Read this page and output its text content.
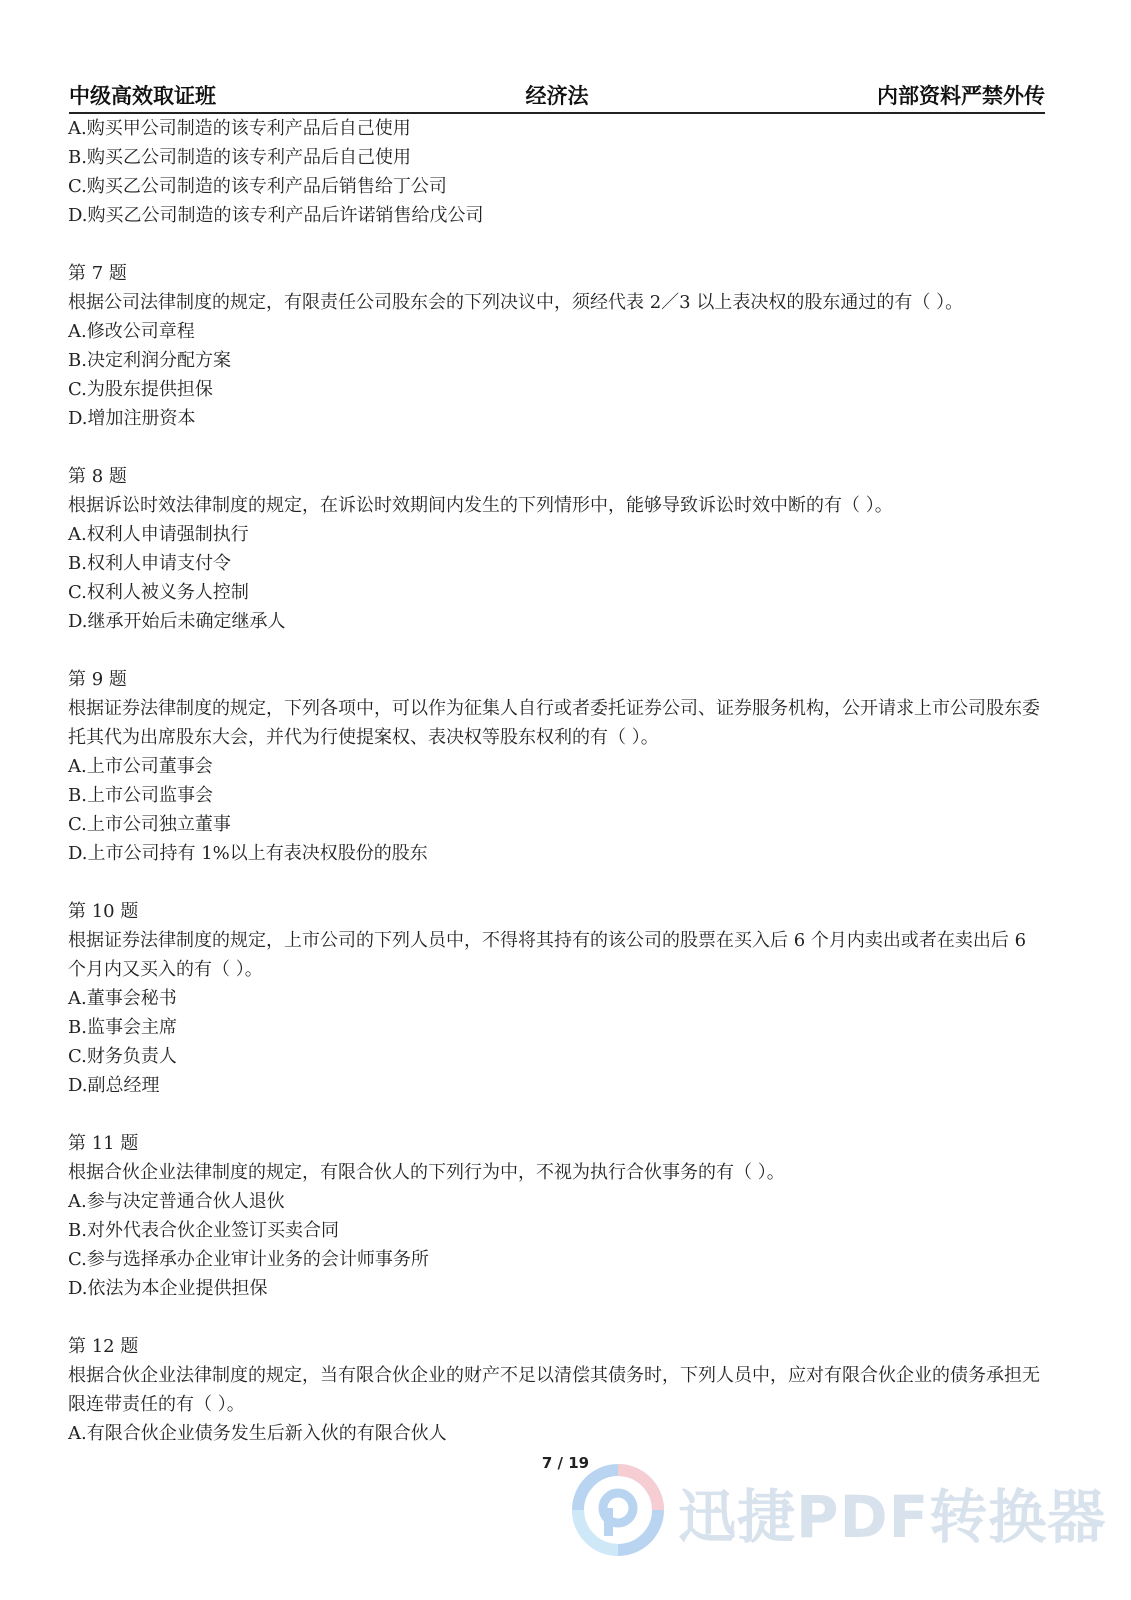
中级高效取证班	经济法	内部资料严禁外传
A.购买甲公司制造的该专利产品后自己使用
B.购买乙公司制造的该专利产品后自己使用
C.购买乙公司制造的该专利产品后销售给丁公司
D.购买乙公司制造的该专利产品后许诺销售给戊公司
第 7 题
根据公司法律制度的规定，有限责任公司股东会的下列决议中，须经代表 2／3 以上表决权的股东通过的有（ ）。
A.修改公司章程
B.决定利润分配方案
C.为股东提供担保
D.增加注册资本
第 8 题
根据诉讼时效法律制度的规定，在诉讼时效期间内发生的下列情形中，能够导致诉讼时效中断的有（ ）。
A.权利人申请强制执行
B.权利人申请支付令
C.权利人被义务人控制
D.继承开始后未确定继承人
第 9 题
根据证券法律制度的规定，下列各项中，可以作为征集人自行或者委托证券公司、证券服务机构，公开请求上市公司股东委托其代为出席股东大会，并代为行使提案权、表决权等股东权利的有（ ）。
A.上市公司董事会
B.上市公司监事会
C.上市公司独立董事
D.上市公司持有 1%以上有表决权股份的股东
第 10 题
根据证券法律制度的规定，上市公司的下列人员中，不得将其持有的该公司的股票在买入后 6 个月内卖出或者在卖出后 6 个月内又买入的有（ ）。
A.董事会秘书
B.监事会主席
C.财务负责人
D.副总经理
第 11 题
根据合伙企业法律制度的规定，有限合伙人的下列行为中，不视为执行合伙事务的有（ ）。
A.参与决定普通合伙人退伙
B.对外代表合伙企业签订买卖合同
C.参与选择承办企业审计业务的会计师事务所
D.依法为本企业提供担保
第 12 题
根据合伙企业法律制度的规定，当有限合伙企业的财产不足以清偿其债务时，下列人员中，应对有限合伙企业的债务承担无限连带责任的有（ ）。
A.有限合伙企业债务发生后新入伙的有限合伙人
7 / 19
迅捷PDF转换器
